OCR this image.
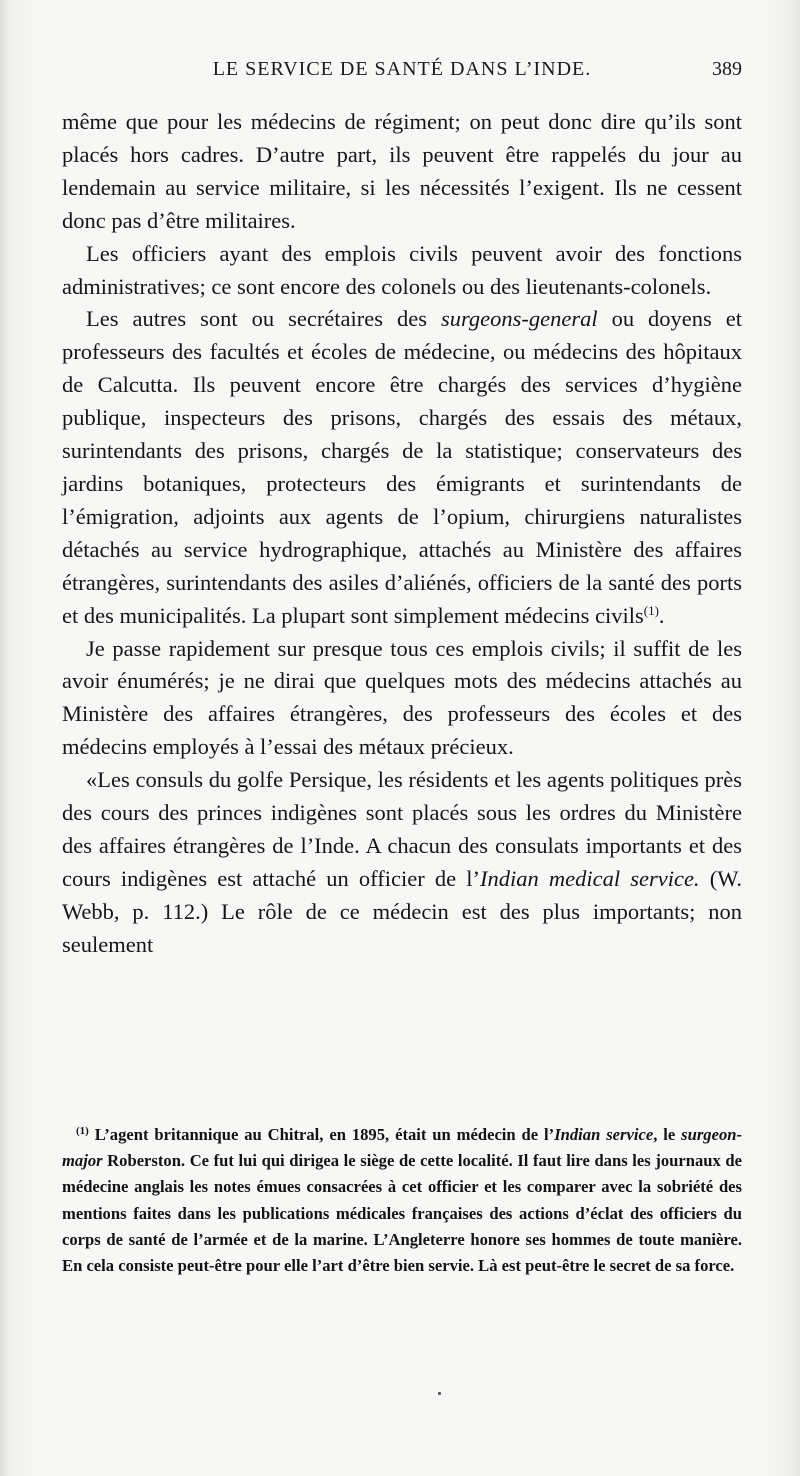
LE SERVICE DE SANTÉ DANS L’INDE.	389

même que pour les médecins de régiment; on peut donc dire qu’ils sont placés hors cadres. D’autre part, ils peuvent être rappelés du jour au lendemain au service militaire, si les nécessités l’exigent. Ils ne cessent donc pas d’être militaires.

Les officiers ayant des emplois civils peuvent avoir des fonctions administratives; ce sont encore des colonels ou des lieutenants-colonels.

Les autres sont ou secrétaires des surgeons-general ou doyens et professeurs des facultés et écoles de médecine, ou médecins des hôpitaux de Calcutta. Ils peuvent encore être chargés des services d’hygiène publique, inspecteurs des prisons, chargés des essais des métaux, surintendants des prisons, chargés de la statistique; conservateurs des jardins botaniques, protecteurs des émigrants et surintendants de l’émigration, adjoints aux agents de l’opium, chirurgiens naturalistes détachés au service hydrographique, attachés au Ministère des affaires étrangères, surintendants des asiles d’aliénés, officiers de la santé des ports et des municipalités. La plupart sont simplement médecins civils$^{(1)}$.

Je passe rapidement sur presque tous ces emplois civils; il suffit de les avoir énumérés; je ne dirai que quelques mots des médecins attachés au Ministère des affaires étrangères, des professeurs des écoles et des médecins employés à l’essai des métaux précieux.

«Les consuls du golfe Persique, les résidents et les agents politiques près des cours des princes indigènes sont placés sous les ordres du Ministère des affaires étrangères de l’Inde. A chacun des consulats importants et des cours indigènes est attaché un officier de l’Indian medical service. (W. Webb, p. 112.) Le rôle de ce médecin est des plus importants; non seulement

$^{(1)}$ L’agent britannique au Chitral, en 1895, était un médecin de l’Indian service, le surgeon-major Roberston. Ce fut lui qui dirigea le siège de cette localité. Il faut lire dans les journaux de médecine anglais les notes émues consacrées à cet officier et les comparer avec la sobriété des mentions faites dans les publications médicales françaises des actions d’éclat des officiers du corps de santé de l’armée et de la marine. L’Angleterre honore ses hommes de toute manière. En cela consiste peut-être pour elle l’art d’être bien servie. Là est peut-être le secret de sa force.
